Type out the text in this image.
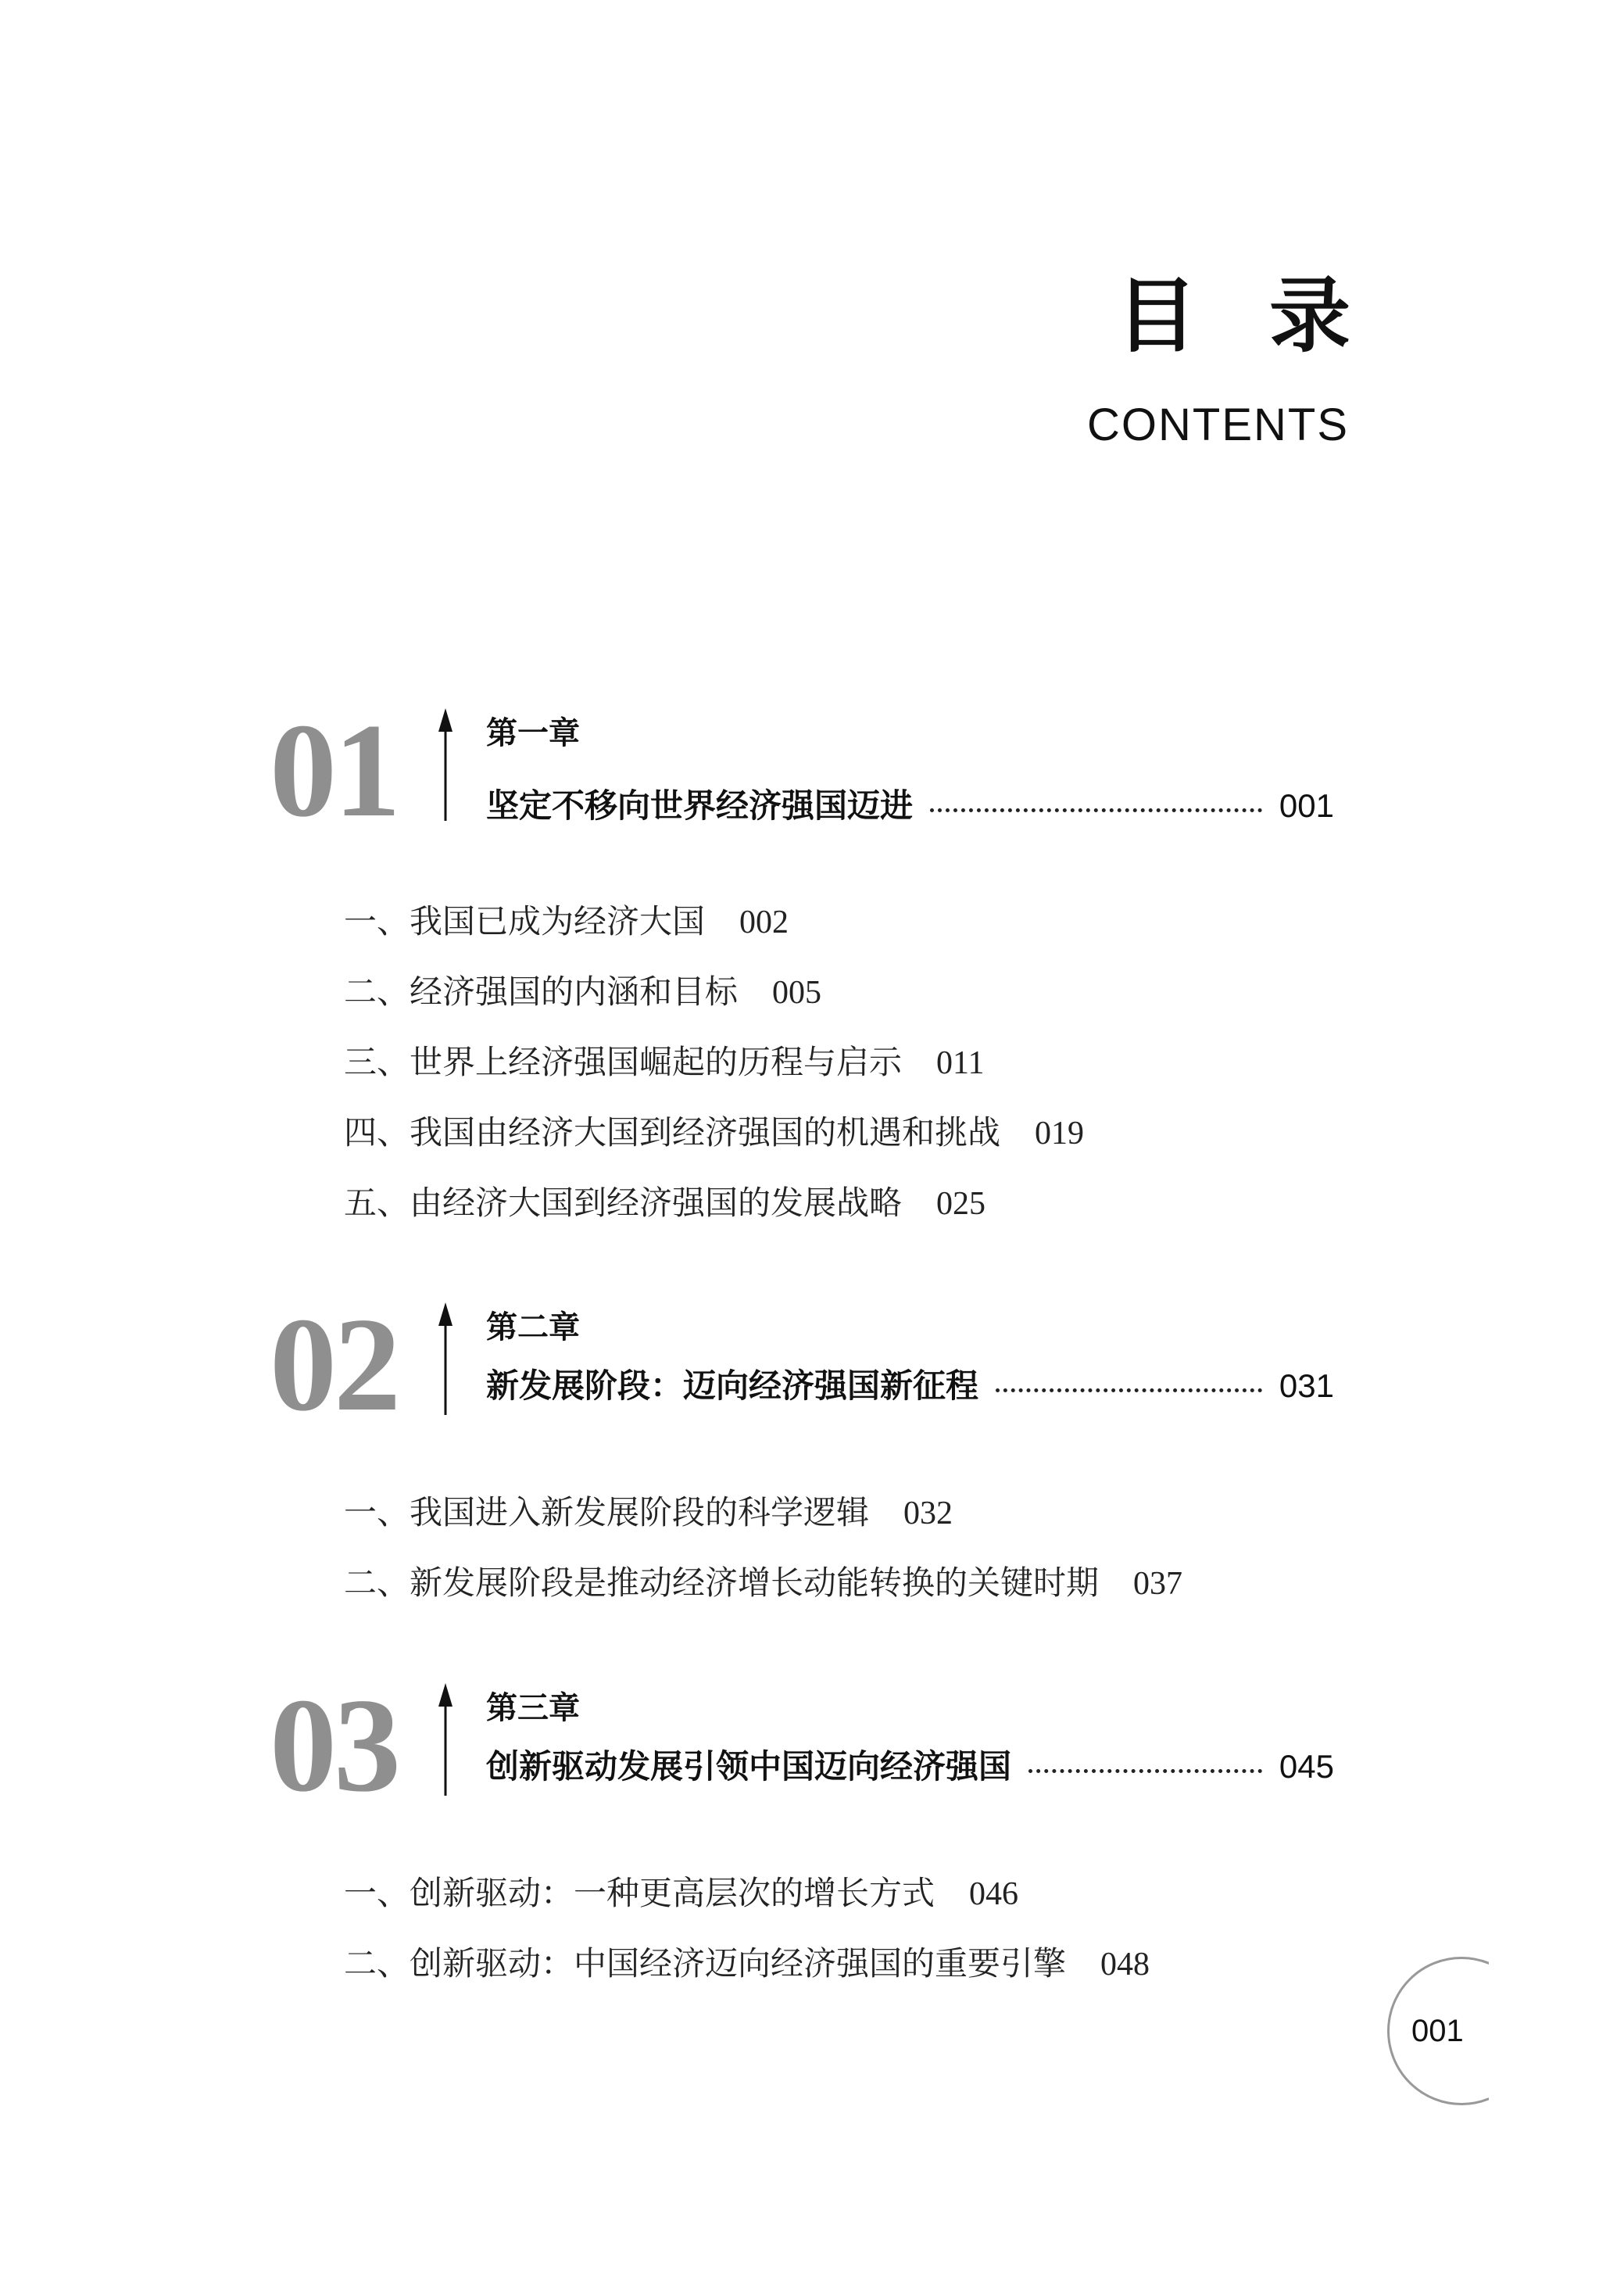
目录
CONTENTS
01	第一章
坚定不移向世界经济强国迈进	001
一、我国已成为经济大国 002
二、经济强国的内涵和目标 005
三、世界上经济强国崛起的历程与启示 011
四、我国由经济大国到经济强国的机遇和挑战 019
五、由经济大国到经济强国的发展战略 025
02	第二章
新发展阶段：迈向经济强国新征程	031
一、我国进入新发展阶段的科学逻辑 032
二、新发展阶段是推动经济增长动能转换的关键时期 037
03	第三章
创新驱动发展引领中国迈向经济强国	045
一、创新驱动：一种更高层次的增长方式 046
二、创新驱动：中国经济迈向经济强国的重要引擎 048
001
